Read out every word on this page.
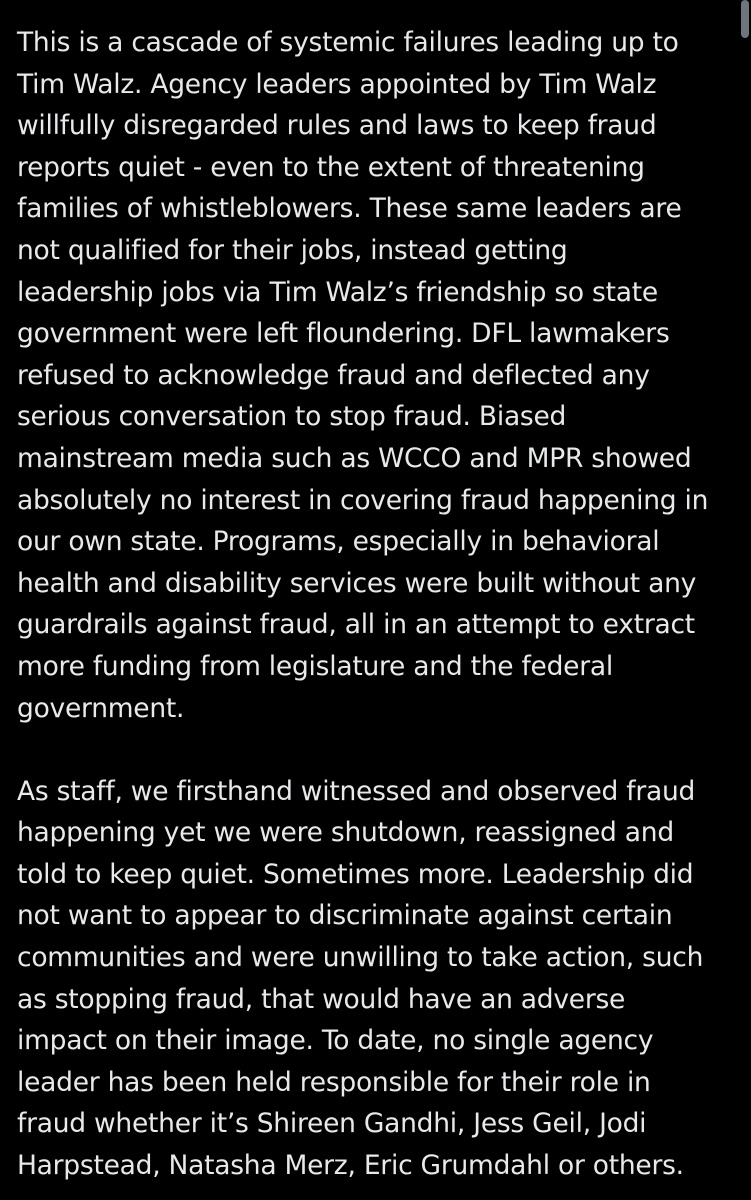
This is a cascade of systemic failures leading up to
Tim Walz. Agency leaders appointed by Tim Walz
willfully disregarded rules and laws to keep fraud
reports quiet - even to the extent of threatening
families of whistleblowers. These same leaders are
not qualified for their jobs, instead getting
leadership jobs via Tim Walz’s friendship so state
government were left floundering. DFL lawmakers
refused to acknowledge fraud and deflected any
serious conversation to stop fraud. Biased
mainstream media such as WCCO and MPR showed
absolutely no interest in covering fraud happening in
our own state. Programs, especially in behavioral
health and disability services were built without any
guardrails against fraud, all in an attempt to extract
more funding from legislature and the federal
government.
As staff, we firsthand witnessed and observed fraud
happening yet we were shutdown, reassigned and
told to keep quiet. Sometimes more. Leadership did
not want to appear to discriminate against certain
communities and were unwilling to take action, such
as stopping fraud, that would have an adverse
impact on their image. To date, no single agency
leader has been held responsible for their role in
fraud whether it’s Shireen Gandhi, Jess Geil, Jodi
Harpstead, Natasha Merz, Eric Grumdahl or others.
